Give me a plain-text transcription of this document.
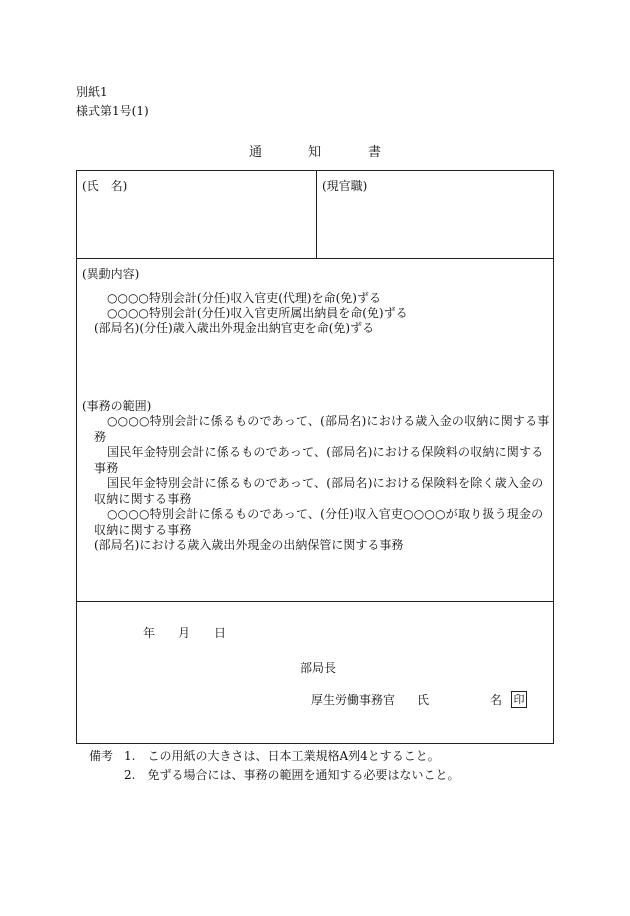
別紙1
様式第1号(1)
通	知	書
(氏　名)	(現官職)
(異動内容)
○○○○特別会計(分任)収入官吏(代理)を命(免)ずる
○○○○特別会計(分任)収入官吏所属出納員を命(免)ずる
(部局名)(分任)歳入歳出外現金出納官吏を命(免)ずる
(事務の範囲)
○○○○特別会計に係るものであって、(部局名)における歳入金の収納に関する事務
国民年金特別会計に係るものであって、(部局名)における保険料の収納に関する事務
国民年金特別会計に係るものであって、(部局名)における保険料を除く歳入金の収納に関する事務
○○○○特別会計に係るものであって、(分任)収入官吏○○○○が取り扱う現金の収納に関する事務
(部局名)における歳入歳出外現金の出納保管に関する事務
年 月 日
部局長
厚生労働事務官 氏	名 印
備考 1.　この用紙の大きさは、日本工業規格A列4とすること。
2.　免ずる場合には、事務の範囲を通知する必要はないこと。
